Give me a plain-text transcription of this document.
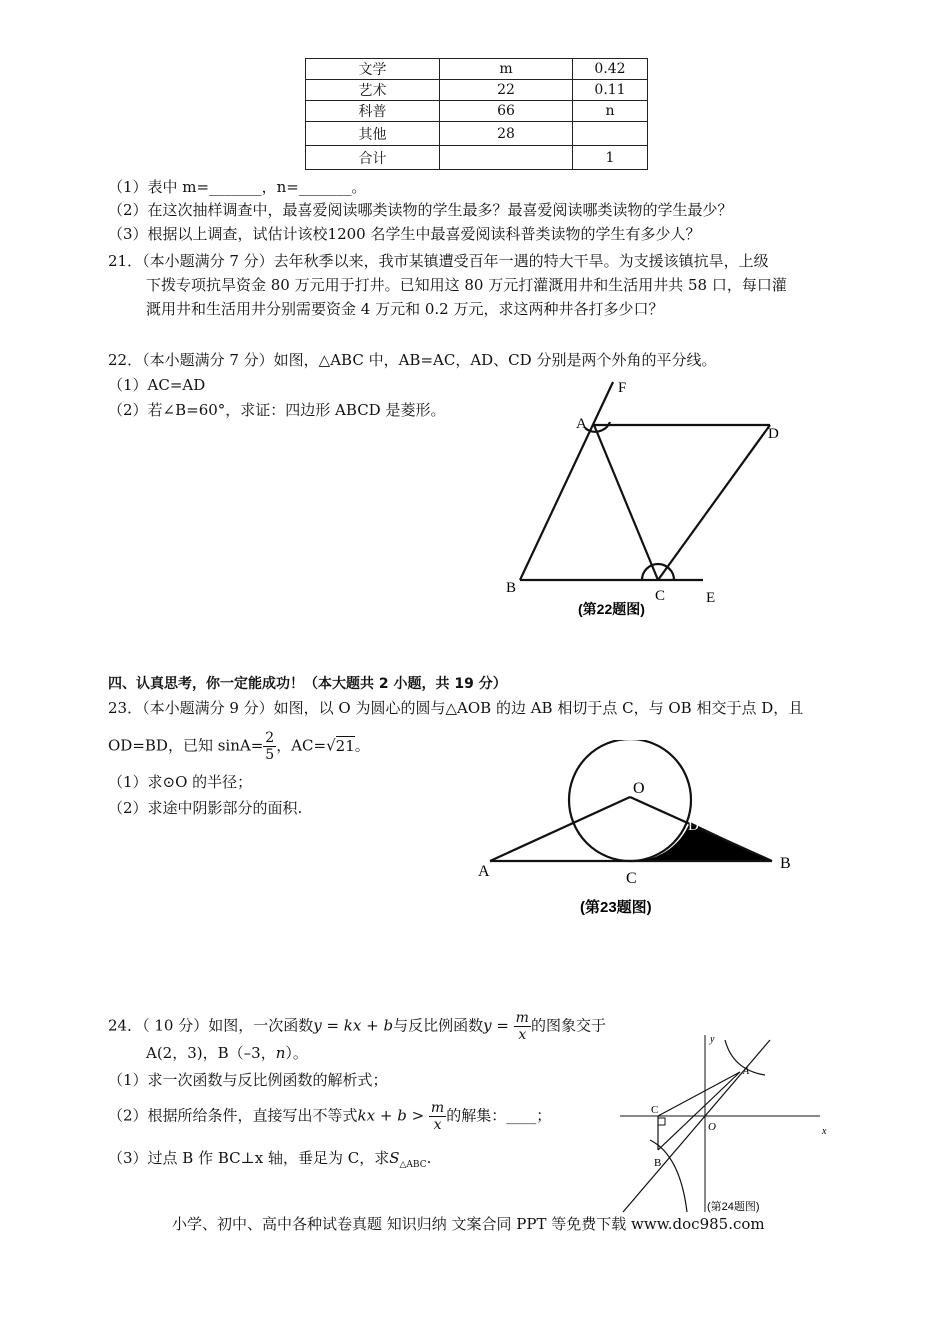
文学	m	0.42
艺术	22	0.11
科普	66	n
其他	28	
合计		1
（1）表中 m=_______，n=_______。
（2）在这次抽样调查中，最喜爱阅读哪类读物的学生最多？最喜爱阅读哪类读物的学生最少？
（3）根据以上调查，试估计该校1200 名学生中最喜爱阅读科普类读物的学生有多少人？
21．（本小题满分 7 分）去年秋季以来，我市某镇遭受百年一遇的特大干旱。为支援该镇抗旱，上级
下拨专项抗旱资金 80 万元用于打井。已知用这 80 万元打灌溉用井和生活用井共 58 口，每口灌
溉用井和生活用井分别需要资金 4 万元和 0.2 万元，求这两种井各打多少口？
22．（本小题满分 7 分）如图，△ABC 中，AB=AC，AD、CD 分别是两个外角的平分线。
（1）AC=AD
（2）若∠B=60°，求证：四边形 ABCD 是菱形。
F
A
D
B	C	E
(第22题图)
四、认真思考，你一定能成功！（本大题共 2 小题，共 19 分）
23．（本小题满分 9 分）如图，以 O 为圆心的圆与△AOB 的边 AB 相切于点 C，与 OB 相交于点 D，且
OD=BD，已知 $\sin A= \frac{2}{5}$ ，AC=√21。
（1）求⊙O 的半径；
（2）求途中阴影部分的面积.
O
D
A	C
B
(第23题图)
24．（ 10 分）如图，一次函数y = kx + b与反比例函数$y = \frac{m}{x}$ 的图象交于
A(2，3)，B（–3，n）。
（1）求一次函数与反比例函数的解析式；
（2）根据所给条件，直接写出不等式kx + $b > \frac{m}{x}$ 的解集：____；
（3）过点 B 作 BC⊥x 轴，垂足为 C，求$S_{\triangle ABC}$.
y
x
O
A
B
C
(第24题图)
小学、初中、高中各种试卷真题 知识归纳 文案合同 PPT 等免费下载 www.doc985.com
